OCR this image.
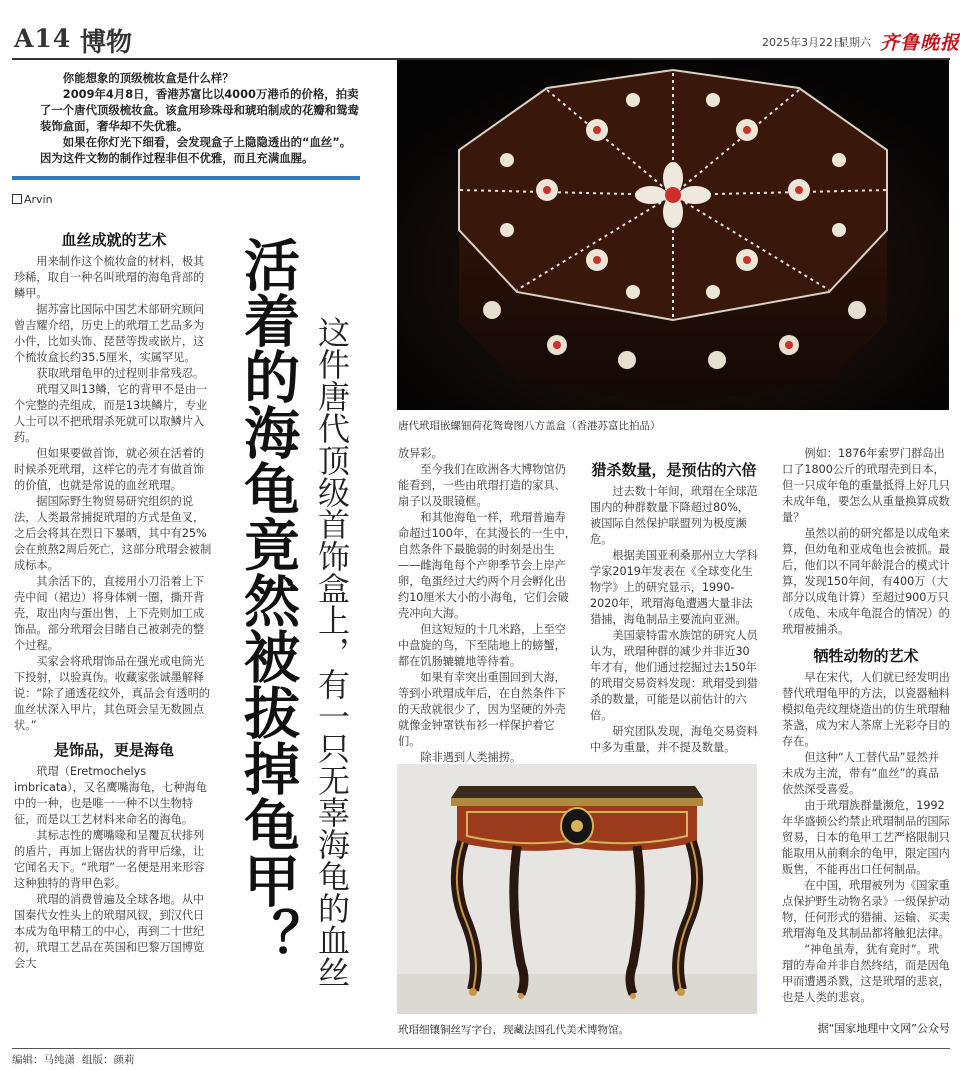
A14 博物	2025年3月22日
星期六 齐鲁晚报

你能想象的顶级梳妆盒是什么样？

2009年4月8日，香港苏富比以4000万港币的价格，拍卖了一个唐代顶级梳妆盒。该盒用珍珠母和琥珀制成的花瓣和鸳鸯装饰盒面，奢华却不失优雅。

如果在你灯光下细看，会发现盒子上隐隐透出的“血丝”。因为这件文物的制作过程非但不优雅，而且充满血腥。

Arvin
活着的海龟竟然被拔掉龟甲？ 这件唐代顶级首饰盒上，有一只无辜海龟的血丝
血丝成就的艺术

用来制作这个梳妆盒的材料，极其珍稀，取自一种名叫玳瑁的海龟背部的鳞甲。

据苏富比国际中国艺术部研究顾问曾吉耀介绍，历史上的玳瑁工艺品多为小件，比如头饰、琵琶等拨或嵌片，这个梳妆盒长约35.5厘米，实属罕见。

获取玳瑁龟甲的过程则非常残忍。

玳瑁又叫13鳞，它的背甲不是由一个完整的壳组成，而是13块鳞片，专业人士可以不把玳瑁杀死就可以取鳞片入药。

但如果要做首饰，就必须在活着的时候杀死玳瑁，这样它的壳才有做首饰的价值，也就是常说的血丝玳瑁。

据国际野生物贸易研究组织的说法，人类最常捕捉玳瑁的方式是鱼叉，之后会将其在烈日下暴晒，其中有25%会在煎熬2周后死亡，这部分玳瑁会被制成标本。

其余活下的，直接用小刀沿着上下壳中间（裙边）将身体剜一圈，撕开背壳，取出肉与蛋出售，上下壳则加工成饰品。部分玳瑁会目睹自己被剥壳的整个过程。

买家会将玳瑁饰品在强光或电筒光下投射，以验真伪。收藏家张诚墨解释说：“除了通透花纹外，真品会有透明的血丝状深入甲片，其色斑会呈无数圆点状。”

是饰品，更是海龟

玳瑁（Eretmochelys imbricata），又名鹰嘴海龟，七种海龟中的一种，也是唯一一种不以生物特征，而是以工艺材料来命名的海龟。

其标志性的鹰嘴喙和呈覆瓦状排列的盾片，再加上锯齿状的背甲后缘，让它闻名天下。“玳瑁”一名便是用来形容这种独特的背甲色彩。

玳瑁的消费曾遍及全球各地。从中国秦代女性头上的玳瑁风钗，到汉代日本成为龟甲精工的中心，再到二十世纪初，玳瑁工艺品在英国和巴黎万国博览会大

唐代玳瑁嵌螺钿荷花鸳鸯图八方盖盒（香港苏富比拍品）

放异彩。

至今我们在欧洲各大博物馆仍能看到，一些由玳瑁打造的家具、扇子以及眼镜框。

和其他海龟一样，玳瑁普遍寿命超过100年，在其漫长的一生中，自然条件下最脆弱的时刻是出生——雌海龟每个产卵季节会上岸产卵，龟蛋经过大约两个月会孵化出约10厘米大小的小海龟，它们会破壳冲向大海。

但这短短的十几米路，上至空中盘旋的鸟，下至陆地上的螃蟹，都在饥肠辘辘地等待着。

如果有幸突出重围回到大海，等到小玳瑁成年后，在自然条件下的天敌就很少了，因为坚硬的外壳就像金钟罩铁布衫一样保护着它们。

除非遇到人类捕捞。

猎杀数量，是预估的六倍

过去数十年间，玳瑁在全球范围内的种群数量下降超过80%，被国际自然保护联盟列为极度濒危。

根据美国亚利桑那州立大学科学家2019年发表在《全球变化生物学》上的研究显示，1990-2020年，玳瑁海龟遭遇大量非法猎捕，海龟制品主要流向亚洲。

美国蒙特雷水族馆的研究人员认为，玳瑁种群的减少并非近30年才有，他们通过挖掘过去150年的玳瑁交易资料发现：玳瑁受到猎杀的数量，可能是以前估计的六倍。

研究团队发现，海龟交易资料中多为重量，并不提及数量。

例如：1876年索罗门群岛出口了1800公斤的玳瑁壳到日本，但一只成年龟的重量抵得上好几只未成年龟，要怎么从重量换算成数量？

虽然以前的研究都是以成龟来算，但幼龟和亚成龟也会被抓。最后，他们以不同年龄混合的模式计算，发现150年间，有400万（大部分以成龟计算）至超过900万只（成龟、未成年龟混合的情况）的玳瑁被捕杀。

牺牲动物的艺术

早在宋代，人们就已经发明出替代玳瑁龟甲的方法，以瓷器釉料模拟龟壳纹理烧造出的仿生玳瑁釉茶盏，成为宋人茶席上光彩夺目的存在。

但这种“人工替代品”显然并未成为主流，带有“血丝”的真品依然深受喜爱。

由于玳瑁族群量濒危，1992年华盛顿公约禁止玳瑁制品的国际贸易，日本的龟甲工艺严格限制只能取用从前剩余的龟甲，限定国内贩售，不能再出口任何制品。

在中国，玳瑁被列为《国家重点保护野生动物名录》一级保护动物，任何形式的猎捕、运输、买卖玳瑁海龟及其制品都将触犯法律。

“神龟虽寿，犹有竟时”。玳瑁的寿命并非自然终结，而是因龟甲而遭遇杀戮，这是玳瑁的悲哀，也是人类的悲哀。

据“国家地理中文网”公众号
玳瑁细镶铜丝写字台，现藏法国孔代美术博物馆。
编辑：马纯潇 组版：颜莉
